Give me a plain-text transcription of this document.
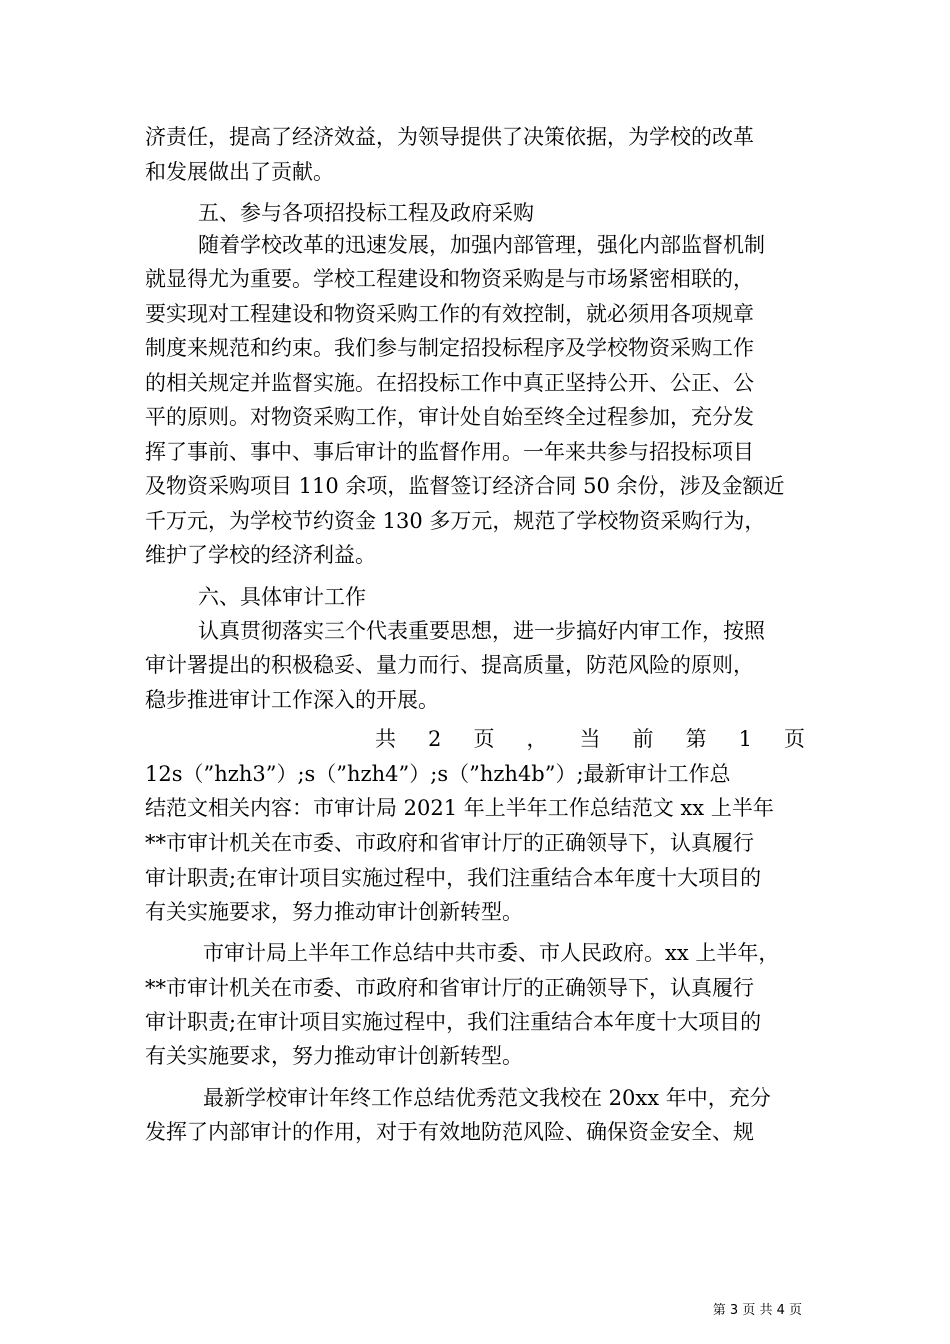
济责任，提高了经济效益，为领导提供了决策依据，为学校的改革
和发展做出了贡献。
五、参与各项招投标工程及政府采购
随着学校改革的迅速发展，加强内部管理，强化内部监督机制
就显得尤为重要。学校工程建设和物资采购是与市场紧密相联的，
要实现对工程建设和物资采购工作的有效控制，就必须用各项规章
制度来规范和约束。我们参与制定招投标程序及学校物资采购工作
的相关规定并监督实施。在招投标工作中真正坚持公开、公正、公
平的原则。对物资采购工作，审计处自始至终全过程参加，充分发
挥了事前、事中、事后审计的监督作用。一年来共参与招投标项目
及物资采购项目 110 余项，监督签订经济合同 50 余份，涉及金额近
千万元，为学校节约资金 130 多万元，规范了学校物资采购行为，
维护了学校的经济利益。
六、具体审计工作
认真贯彻落实三个代表重要思想，进一步搞好内审工作，按照
审计署提出的积极稳妥、量力而行、提高质量，防范风险的原则，
稳步推进审计工作深入的开展。
共 2 页 ， 当 前 第 1 页
12s（”hzh3”）;s（”hzh4”）;s（”hzh4b”）;最新审计工作总
结范文相关内容：市审计局 2021 年上半年工作总结范文 xx 上半年
**市审计机关在市委、市政府和省审计厅的正确领导下，认真履行
审计职责;在审计项目实施过程中，我们注重结合本年度十大项目的
有关实施要求，努力推动审计创新转型。
市审计局上半年工作总结中共市委、市人民政府。xx 上半年，
**市审计机关在市委、市政府和省审计厅的正确领导下，认真履行
审计职责;在审计项目实施过程中，我们注重结合本年度十大项目的
有关实施要求，努力推动审计创新转型。
最新学校审计年终工作总结优秀范文我校在 20xx 年中，充分
发挥了内部审计的作用，对于有效地防范风险、确保资金安全、规
第 3 页 共 4 页
